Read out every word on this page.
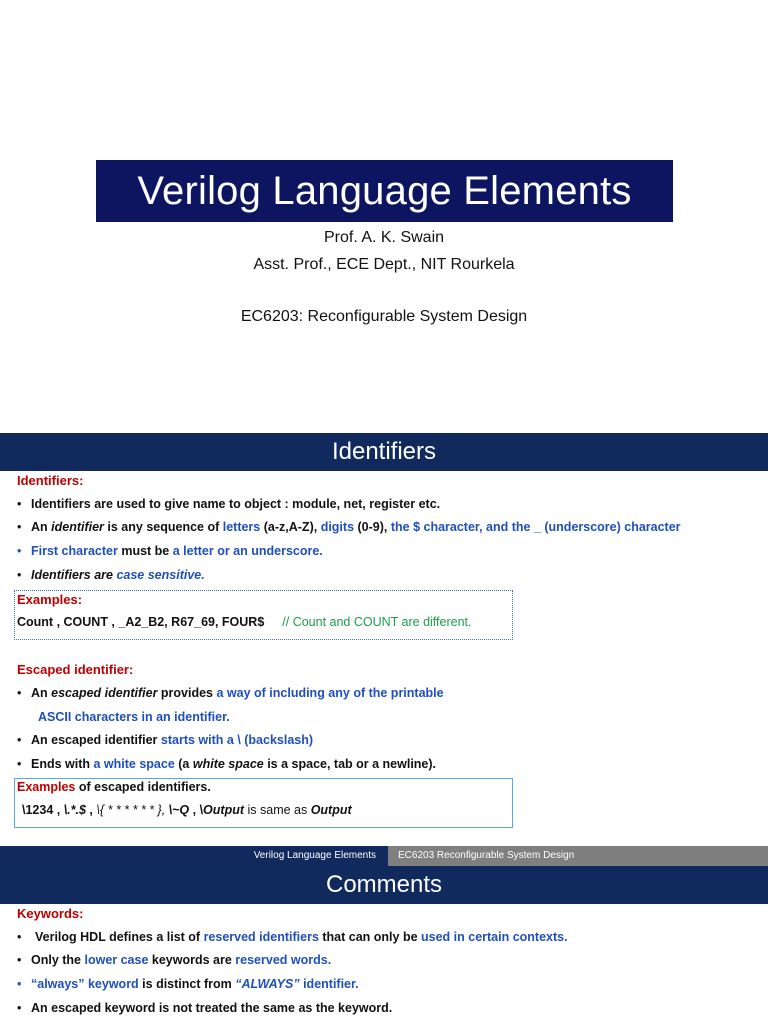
Verilog Language Elements
Prof. A. K. Swain
Asst. Prof., ECE Dept., NIT Rourkela
EC6203: Reconfigurable System Design
Identifiers
Identifiers:
• Identifiers are used to give name to object : module, net, register etc.
• An identifier is any sequence of letters (a-z,A-Z), digits (0-9), the $ character, and the _ (underscore) character
• First character must be a letter or an underscore.
• Identifiers are case sensitive.
Examples:
Count , COUNT , _A2_B2, R67_69, FOUR$ // Count and COUNT are different.
Escaped identifier:
• An escaped identifier provides a way of including any of the printable
ASCII characters in an identifier.
• An escaped identifier starts with a \ (backslash)
• Ends with a white space (a white space is a space, tab or a newline).
Examples of escaped identifiers.
\1234 , \.*.$ , \{ * * * * * * }, \~Q , \Output is same as Output
Verilog Language Elements	EC6203 Reconfigurable System Design
Comments
Keywords:
• Verilog HDL defines a list of reserved identifiers that can only be used in certain contexts.
• Only the lower case keywords are reserved words.
• “always” keyword is distinct from “ALWAYS” identifier.
• An escaped keyword is not treated the same as the keyword.
